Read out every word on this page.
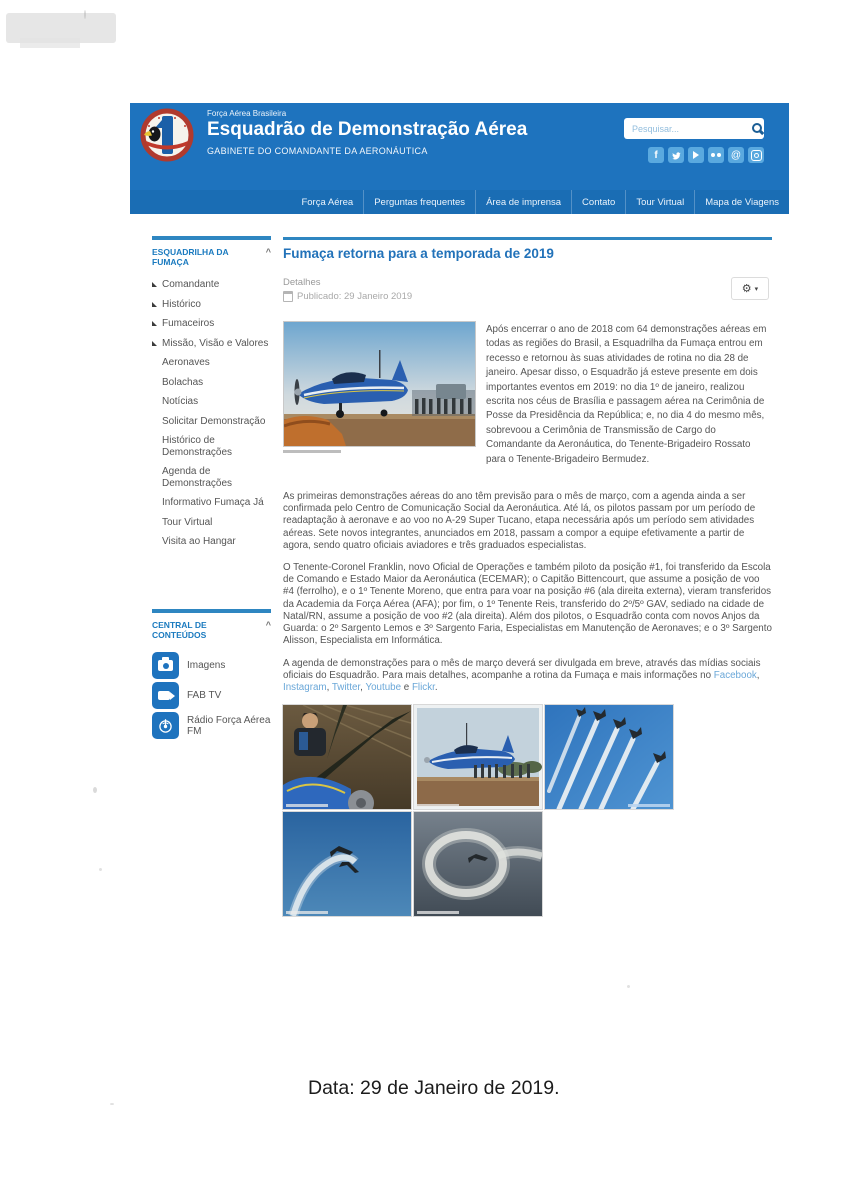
Força Aérea Brasileira
Esquadrão de Demonstração Aérea
GABINETE DO COMANDANTE DA AERONÁUTICA
Pesquisar...	f	@
Força Aérea	Perguntas frequentes	Área de imprensa	Contato	Tour Virtual	Mapa de Viagens
ESQUADRILHA DA FUMAÇA
^
Comandante
Histórico
Fumaceiros
Missão, Visão e Valores
Aeronaves
Bolachas
Notícias
Solicitar Demonstração
Histórico de Demonstrações
Agenda de Demonstrações
Informativo Fumaça Já
Tour Virtual
Visita ao Hangar
CENTRAL DE CONTEÚDOS
^
Imagens
FAB TV
Rádio Força Aérea FM
Fumaça retorna para a temporada de 2019
Detalhes
Publicado: 29 Janeiro 2019
⚙ ▾

Após encerrar o ano de 2018 com 64 demonstrações aéreas em todas as regiões do Brasil, a Esquadrilha da Fumaça entrou em recesso e retornou às suas atividades de rotina no dia 28 de janeiro. Apesar disso, o Esquadrão já esteve presente em dois importantes eventos em 2019: no dia 1º de janeiro, realizou escrita nos céus de Brasília e passagem aérea na Cerimônia de Posse da Presidência da República; e, no dia 4 do mesmo mês, sobrevoou a Cerimônia de Transmissão de Cargo do Comandante da Aeronáutica, do Tenente-Brigadeiro Rossato para o Tenente-Brigadeiro Bermudez.

As primeiras demonstrações aéreas do ano têm previsão para o mês de março, com a agenda ainda a ser confirmada pelo Centro de Comunicação Social da Aeronáutica. Até lá, os pilotos passam por um período de readaptação à aeronave e ao voo no A-29 Super Tucano, etapa necessária após um período sem atividades aéreas. Sete novos integrantes, anunciados em 2018, passam a compor a equipe efetivamente a partir de agora, sendo quatro oficiais aviadores e três graduados especialistas.

O Tenente-Coronel Franklin, novo Oficial de Operações e também piloto da posição #1, foi transferido da Escola de Comando e Estado Maior da Aeronáutica (ECEMAR); o Capitão Bittencourt, que assume a posição de voo #4 (ferrolho), e o 1º Tenente Moreno, que entra para voar na posição #6 (ala direita externa), vieram transferidos da Academia da Força Aérea (AFA); por fim, o 1º Tenente Reis, transferido do 2º/5º GAV, sediado na cidade de Natal/RN, assume a posição de voo #2 (ala direita). Além dos pilotos, o Esquadrão conta com novos Anjos da Guarda: o 2º Sargento Lemos e 3º Sargento Faria, Especialistas em Manutenção de Aeronaves; e o 3º Sargento Alisson, Especialista em Informática.

A agenda de demonstrações para o mês de março deverá ser divulgada em breve, através das mídias sociais oficiais do Esquadrão. Para mais detalhes, acompanhe a rotina da Fumaça e mais informações no Facebook, Instagram, Twitter, Youtube e Flickr.

Data: 29 de Janeiro de 2019.
